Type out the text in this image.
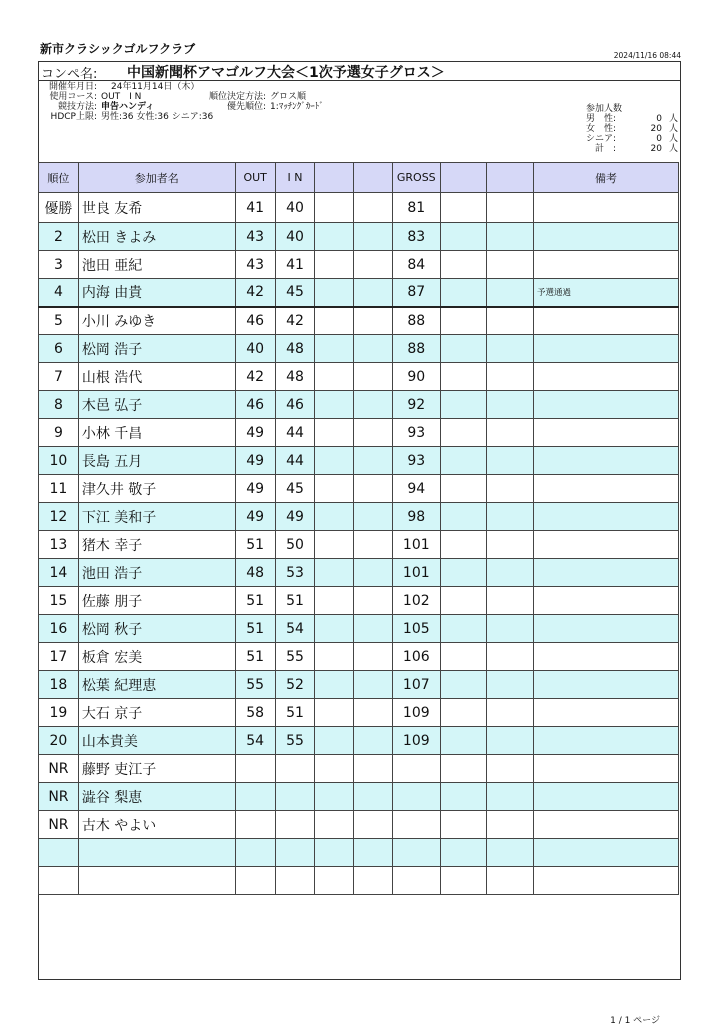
新市クラシックゴルフクラブ	2024/11/16 08:44
コンペ名: 中国新聞杯アマゴルフ大会＜1次予選女子グロス＞
開催年月日: 24年11月14日（木）
使用コース: OUT　I N
競技方法: 申告ハンディ
HDCP上限: 男性:36 女性:36 シニア:36
順位決定方法: グロス順
優先順位: 1:ﾏｯﾁﾝｸﾞｶｰﾄﾞ	参加人数
男　性:	0 人
女　性:	20 人
シニア:	0 人
　計　:	20 人
順位	参加者名	OUT	I N			GROSS			備考
優勝	世良 友希	41	40			81			
2	松田 きよみ	43	40			83			
3	池田 亜紀	43	41			84			
4	内海 由貴	42	45			87			予選通過
5	小川 みゆき	46	42			88			
6	松岡 浩子	40	48			88			
7	山根 浩代	42	48			90			
8	木邑 弘子	46	46			92			
9	小林 千昌	49	44			93			
10	長島 五月	49	44			93			
11	津久井 敬子	49	45			94			
12	下江 美和子	49	49			98			
13	猪木 幸子	51	50			101			
14	池田 浩子	48	53			101			
15	佐藤 朋子	51	51			102			
16	松岡 秋子	51	54			105			
17	板倉 宏美	51	55			106			
18	松葉 紀理恵	55	52			107			
19	大石 京子	58	51			109			
20	山本貴美	54	55			109			
NR	藤野 吏江子								
NR	澁谷 梨恵								
NR	古木 やよい								

1 / 1 ページ
